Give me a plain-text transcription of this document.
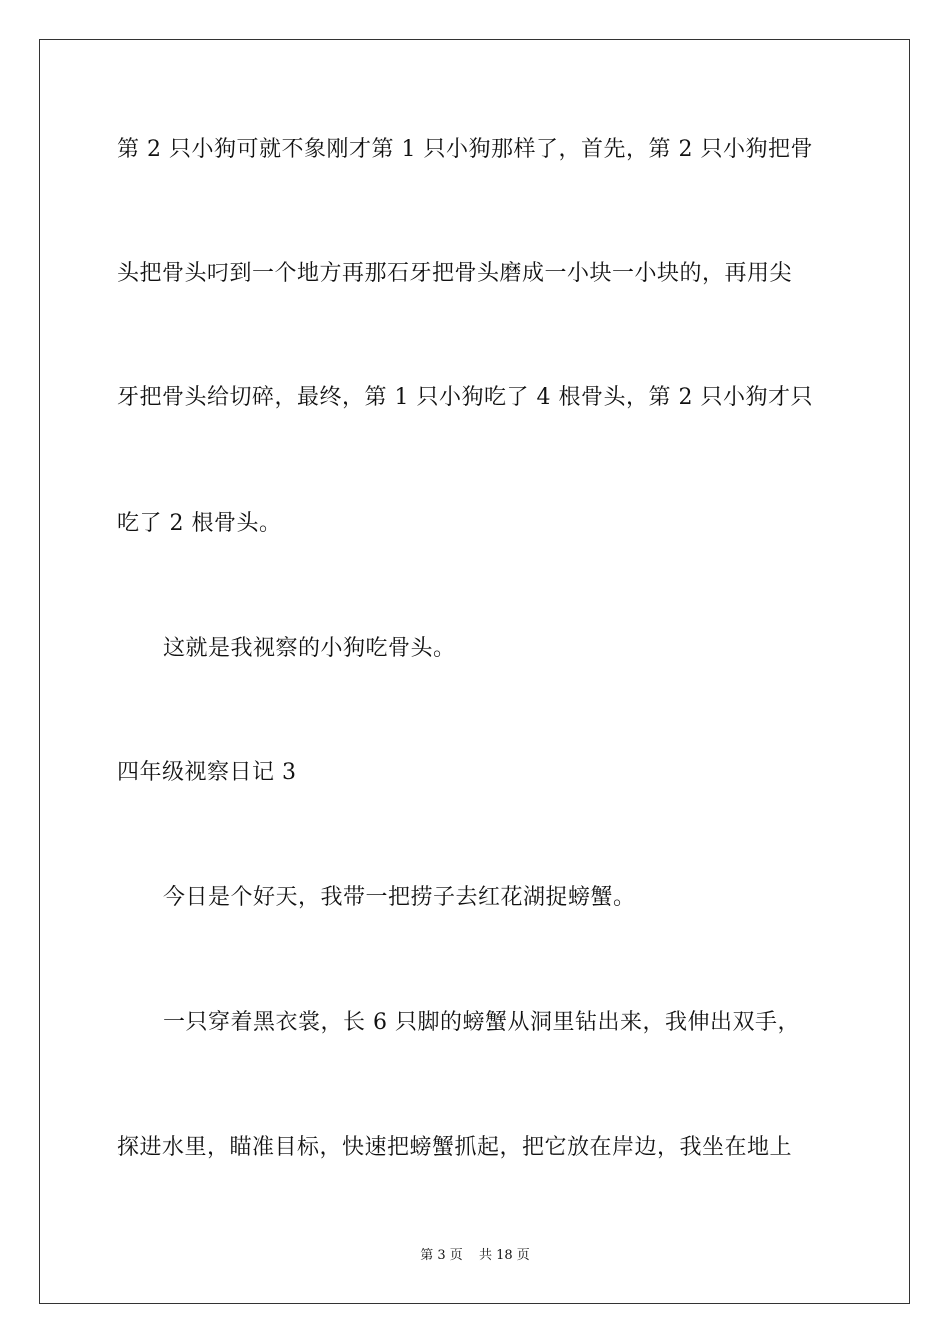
第 2 只小狗可就不象刚才第 1 只小狗那样了，首先，第 2 只小狗把骨
头把骨头叼到一个地方再那石牙把骨头磨成一小块一小块的，再用尖
牙把骨头给切碎，最终，第 1 只小狗吃了 4 根骨头，第 2 只小狗才只
吃了 2 根骨头。
这就是我视察的小狗吃骨头。
四年级视察日记 3
今日是个好天，我带一把捞子去红花湖捉螃蟹。
一只穿着黑衣裳，长 6 只脚的螃蟹从洞里钻出来，我伸出双手，
探进水里，瞄准目标，快速把螃蟹抓起，把它放在岸边，我坐在地上
第 3 页 共 18 页
